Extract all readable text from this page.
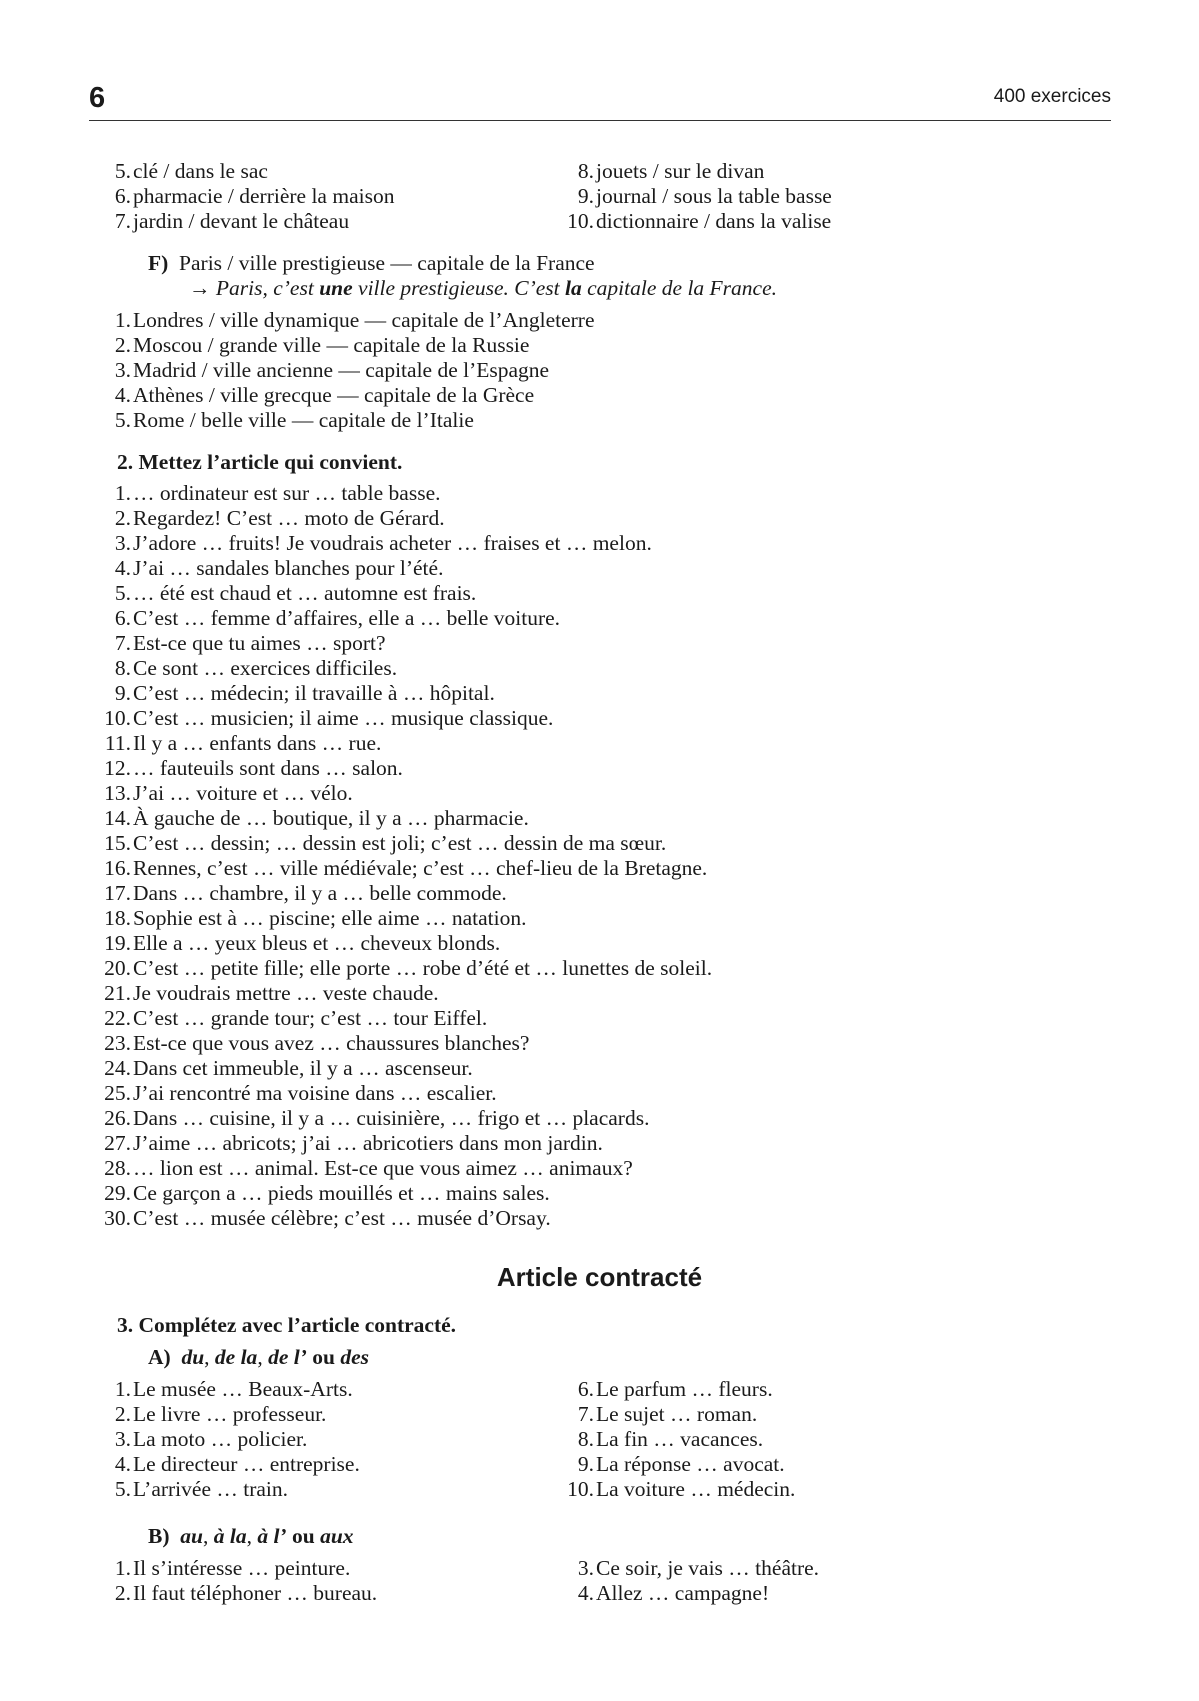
6	400 exercices
5.clé / dans le sac
6.pharmacie / derrière la maison
7.jardin / devant le château
8.jouets / sur le divan
9.journal / sous la table basse
10.dictionnaire / dans la valise
F) Paris / ville prestigieuse — capitale de la France
→ Paris, c’est une ville prestigieuse. C’est la capitale de la France.
1.Londres / ville dynamique — capitale de l’Angleterre
2.Moscou / grande ville — capitale de la Russie
3.Madrid / ville ancienne — capitale de l’Espagne
4.Athènes / ville grecque — capitale de la Grèce
5.Rome / belle ville — capitale de l’Italie
2. Mettez l’article qui convient.
1.… ordinateur est sur … table basse.
2.Regardez! C’est … moto de Gérard.
3.J’adore … fruits! Je voudrais acheter … fraises et … melon.
4.J’ai … sandales blanches pour l’été.
5.… été est chaud et … automne est frais.
6.C’est … femme d’affaires, elle a … belle voiture.
7.Est-ce que tu aimes … sport?
8.Ce sont … exercices difficiles.
9.C’est … médecin; il travaille à … hôpital.
10.C’est … musicien; il aime … musique classique.
11.Il y a … enfants dans … rue.
12.… fauteuils sont dans … salon.
13.J’ai … voiture et … vélo.
14.À gauche de … boutique, il y a … pharmacie.
15.C’est … dessin; … dessin est joli; c’est … dessin de ma sœur.
16.Rennes, c’est … ville médiévale; c’est … chef-lieu de la Bretagne.
17.Dans … chambre, il y a … belle commode.
18.Sophie est à … piscine; elle aime … natation.
19.Elle a … yeux bleus et … cheveux blonds.
20.C’est … petite fille; elle porte … robe d’été et … lunettes de soleil.
21.Je voudrais mettre … veste chaude.
22.C’est … grande tour; c’est … tour Eiffel.
23.Est-ce que vous avez … chaussures blanches?
24.Dans cet immeuble, il y a … ascenseur.
25.J’ai rencontré ma voisine dans … escalier.
26.Dans … cuisine, il y a … cuisinière, … frigo et … placards.
27.J’aime … abricots; j’ai … abricotiers dans mon jardin.
28.… lion est … animal. Est-ce que vous aimez … animaux?
29.Ce garçon a … pieds mouillés et … mains sales.
30.C’est … musée célèbre; c’est … musée d’Orsay.
Article contracté
3. Complétez avec l’article contracté.
A) du, de la, de l’ ou des
1.Le musée … Beaux-Arts.
2.Le livre … professeur.
3.La moto … policier.
4.Le directeur … entreprise.
5.L’arrivée … train.
6.Le parfum … fleurs.
7.Le sujet … roman.
8.La fin … vacances.
9.La réponse … avocat.
10.La voiture … médecin.
B) au, à la, à l’ ou aux
1.Il s’intéresse … peinture.
2.Il faut téléphoner … bureau.
3.Ce soir, je vais … théâtre.
4.Allez … campagne!
